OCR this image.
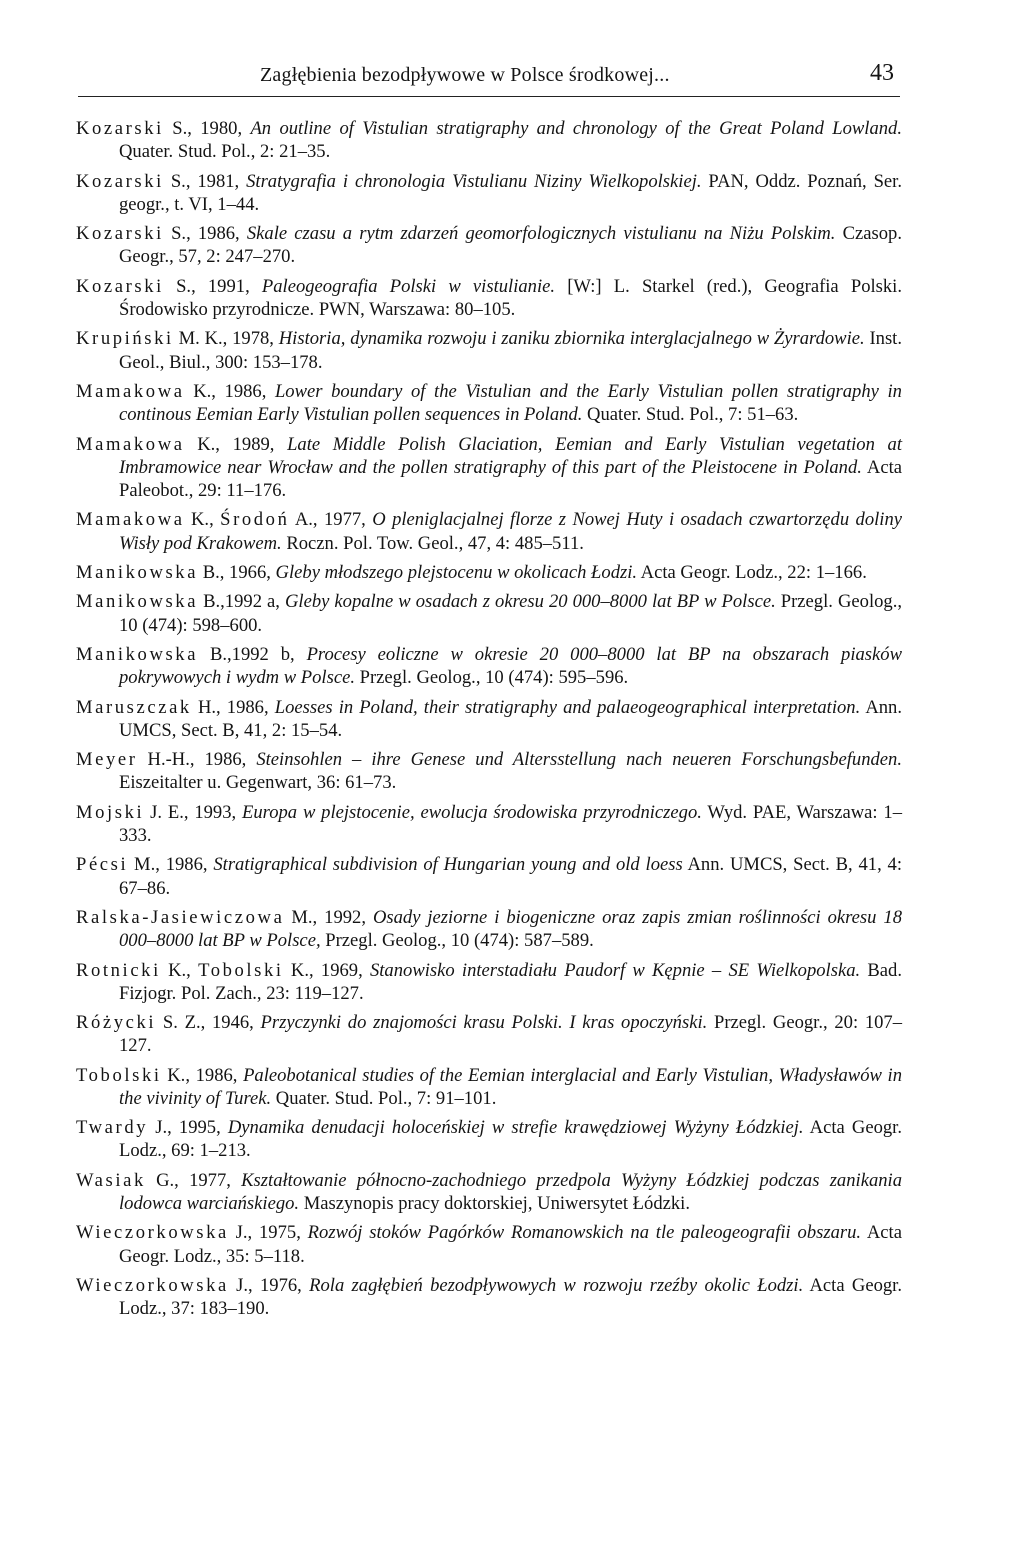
Zagłębienia bezodpływowe w Polsce środkowej...	43

Kozarski S., 1980, An outline of Vistulian stratigraphy and chronology of the Great Poland Lowland. Quater. Stud. Pol., 2: 21–35.

Kozarski S., 1981, Stratygrafia i chronologia Vistulianu Niziny Wielkopolskiej. PAN, Oddz. Poznań, Ser. geogr., t. VI, 1–44.

Kozarski S., 1986, Skale czasu a rytm zdarzeń geomorfologicznych vistulianu na Niżu Polskim. Czasop. Geogr., 57, 2: 247–270.

Kozarski S., 1991, Paleogeografia Polski w vistulianie. [W:] L. Starkel (red.), Geografia Polski. Środowisko przyrodnicze. PWN, Warszawa: 80–105.

Krupiński M. K., 1978, Historia, dynamika rozwoju i zaniku zbiornika interglacjalnego w Żyrardowie. Inst. Geol., Biul., 300: 153–178.

Mamakowa K., 1986, Lower boundary of the Vistulian and the Early Vistulian pollen stratigraphy in continous Eemian Early Vistulian pollen sequences in Poland. Quater. Stud. Pol., 7: 51–63.

Mamakowa K., 1989, Late Middle Polish Glaciation, Eemian and Early Vistulian vegetation at Imbramowice near Wrocław and the pollen stratigraphy of this part of the Pleistocene in Poland. Acta Paleobot., 29: 11–176.

Mamakowa K., Środoń A., 1977, O pleniglacjalnej florze z Nowej Huty i osadach czwartorzędu doliny Wisły pod Krakowem. Roczn. Pol. Tow. Geol., 47, 4: 485–511.

Manikowska B., 1966, Gleby młodszego plejstocenu w okolicach Łodzi. Acta Geogr. Lodz., 22: 1–166.

Manikowska B.,1992 a, Gleby kopalne w osadach z okresu 20 000–8000 lat BP w Polsce. Przegl. Geolog., 10 (474): 598–600.

Manikowska B.,1992 b, Procesy eoliczne w okresie 20 000–8000 lat BP na obszarach piasków pokrywowych i wydm w Polsce. Przegl. Geolog., 10 (474): 595–596.

Maruszczak H., 1986, Loesses in Poland, their stratigraphy and palaeogeographical interpretation. Ann. UMCS, Sect. B, 41, 2: 15–54.

Meyer H.-H., 1986, Steinsohlen – ihre Genese und Altersstellung nach neueren Forschungsbefunden. Eiszeitalter u. Gegenwart, 36: 61–73.

Mojski J. E., 1993, Europa w plejstocenie, ewolucja środowiska przyrodniczego. Wyd. PAE, Warszawa: 1–333.

Pécsi M., 1986, Stratigraphical subdivision of Hungarian young and old loess Ann. UMCS, Sect. B, 41, 4: 67–86.

Ralska-Jasiewiczowa M., 1992, Osady jeziorne i biogeniczne oraz zapis zmian roślinności okresu 18 000–8000 lat BP w Polsce, Przegl. Geolog., 10 (474): 587–589.

Rotnicki K., Tobolski K., 1969, Stanowisko interstadiału Paudorf w Kępnie – SE Wielkopolska. Bad. Fizjogr. Pol. Zach., 23: 119–127.

Różycki S. Z., 1946, Przyczynki do znajomości krasu Polski. I kras opoczyński. Przegl. Geogr., 20: 107–127.

Tobolski K., 1986, Paleobotanical studies of the Eemian interglacial and Early Vistulian, Władysławów in the vivinity of Turek. Quater. Stud. Pol., 7: 91–101.

Twardy J., 1995, Dynamika denudacji holoceńskiej w strefie krawędziowej Wyżyny Łódzkiej. Acta Geogr. Lodz., 69: 1–213.

Wasiak G., 1977, Kształtowanie północno-zachodniego przedpola Wyżyny Łódzkiej podczas zanikania lodowca warciańskiego. Maszynopis pracy doktorskiej, Uniwersytet Łódzki.

Wieczorkowska J., 1975, Rozwój stoków Pagórków Romanowskich na tle paleogeografii obszaru. Acta Geogr. Lodz., 35: 5–118.

Wieczorkowska J., 1976, Rola zagłębień bezodpływowych w rozwoju rzeźby okolic Łodzi. Acta Geogr. Lodz., 37: 183–190.
